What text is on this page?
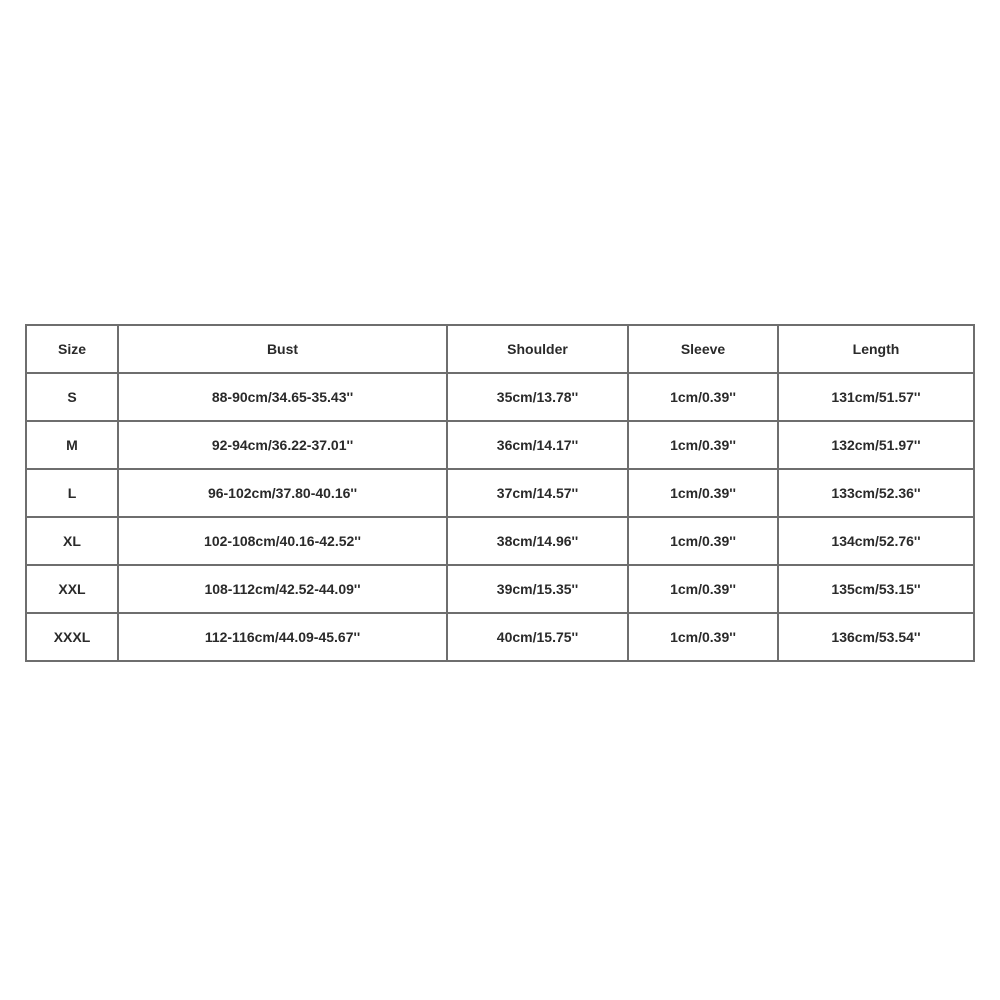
Size	Bust	Shoulder	Sleeve	Length
S	88-90cm/34.65-35.43''	35cm/13.78''	1cm/0.39''	131cm/51.57''
M	92-94cm/36.22-37.01''	36cm/14.17''	1cm/0.39''	132cm/51.97''
L	96-102cm/37.80-40.16''	37cm/14.57''	1cm/0.39''	133cm/52.36''
XL	102-108cm/40.16-42.52''	38cm/14.96''	1cm/0.39''	134cm/52.76''
XXL	108-112cm/42.52-44.09''	39cm/15.35''	1cm/0.39''	135cm/53.15''
XXXL	112-116cm/44.09-45.67''	40cm/15.75''	1cm/0.39''	136cm/53.54''
